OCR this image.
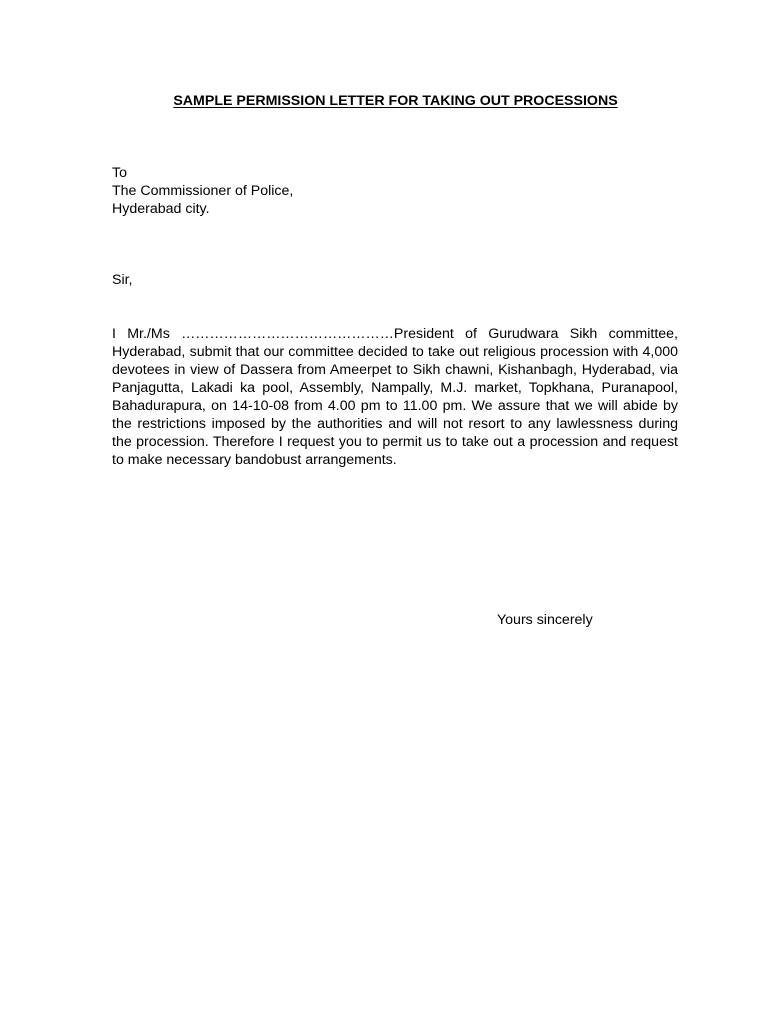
SAMPLE PERMISSION LETTER FOR TAKING OUT PROCESSIONS
To
The Commissioner of Police,
Hyderabad city.
Sir,

I Mr./Ms ………………………………………President of Gurudwara Sikh committee, Hyderabad, submit that our committee decided to take out religious procession with 4,000 devotees in view of Dassera from Ameerpet to Sikh chawni, Kishanbagh, Hyderabad, via Panjagutta, Lakadi ka pool, Assembly, Nampally, M.J. market, Topkhana, Puranapool, Bahadurapura, on 14-10-08 from 4.00 pm to 11.00 pm. We assure that we will abide by the restrictions imposed by the authorities and will not resort to any lawlessness during the procession. Therefore I request you to permit us to take out a procession and request to make necessary bandobust arrangements.

Yours sincerely
